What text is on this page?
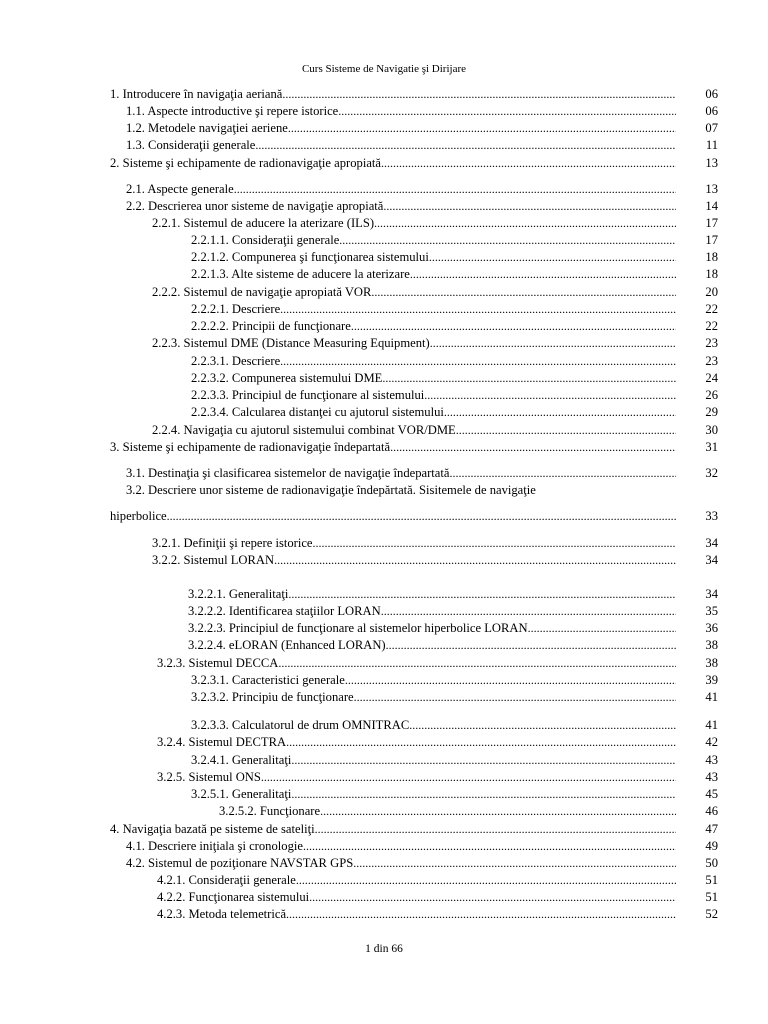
Curs Sisteme de Navigatie şi Dirijare
1. Introducere în navigaţia aeriană .....	06
1.1. Aspecte introductive şi repere istorice .....	06
1.2. Metodele navigaţiei aeriene .....	07
1.3. Consideraţii generale .....	11
2. Sisteme şi echipamente de radionavigaţie apropiată .....	13
2.1. Aspecte generale .....	13
2.2. Descrierea unor sisteme de navigaţie apropiată .....	14
2.2.1. Sistemul de aducere la aterizare (ILS) .....	17
2.2.1.1. Consideraţii generale .....	17
2.2.1.2. Compunerea şi funcţionarea sistemului .....	18
2.2.1.3. Alte sisteme de aducere la aterizare .....	18
2.2.2. Sistemul de navigaţie apropiată VOR .....	20
2.2.2.1. Descriere .....	22
2.2.2.2. Principii de funcţionare .....	22
2.2.3. Sistemul DME (Distance Measuring Equipment) .....	23
2.2.3.1. Descriere .....	23
2.2.3.2. Compunerea sistemului DME .....	24
2.2.3.3. Principiul de funcţionare al sistemului .....	26
2.2.3.4. Calcularea distanţei cu ajutorul sistemului .....	29
2.2.4. Navigaţia cu ajutorul sistemului combinat VOR/DME .....	30
3. Sisteme şi echipamente de radionavigaţie îndepartată .....	31
3.1. Destinaţia şi clasificarea sistemelor de navigaţie îndepartată .....	32
3.2. Descriere unor sisteme de radionavigaţie îndepărtată. Sisitemele de navigaţie
hiperbolice .....	33
3.2.1. Definiţii şi repere istorice .....	34
3.2.2. Sistemul LORAN .....	34
3.2.2.1. Generalitaţi .....	34
3.2.2.2. Identificarea staţiilor LORAN .....	35
3.2.2.3. Principiul de funcţionare al sistemelor hiperbolice LORAN .....	36
3.2.2.4. eLORAN (Enhanced LORAN) .....	38
3.2.3. Sistemul DECCA .....	38
3.2.3.1. Caracteristici generale .....	39
3.2.3.2. Principiu de funcţionare .....	41
3.2.3.3. Calculatorul de drum OMNITRAC .....	41
3.2.4. Sistemul DECTRA .....	42
3.2.4.1. Generalitaţi .....	43
3.2.5. Sistemul ONS .....	43
3.2.5.1. Generalitaţi .....	45
3.2.5.2. Funcţionare .....	46
4. Navigaţia bazată pe sisteme de sateliţi .....	47
4.1. Descriere iniţiala şi cronologie .....	49
4.2. Sistemul de poziţionare NAVSTAR GPS .....	50
4.2.1. Consideraţii generale .....	51
4.2.2. Funcţionarea sistemului .....	51
4.2.3. Metoda telemetrică .....	52
1 din 66
